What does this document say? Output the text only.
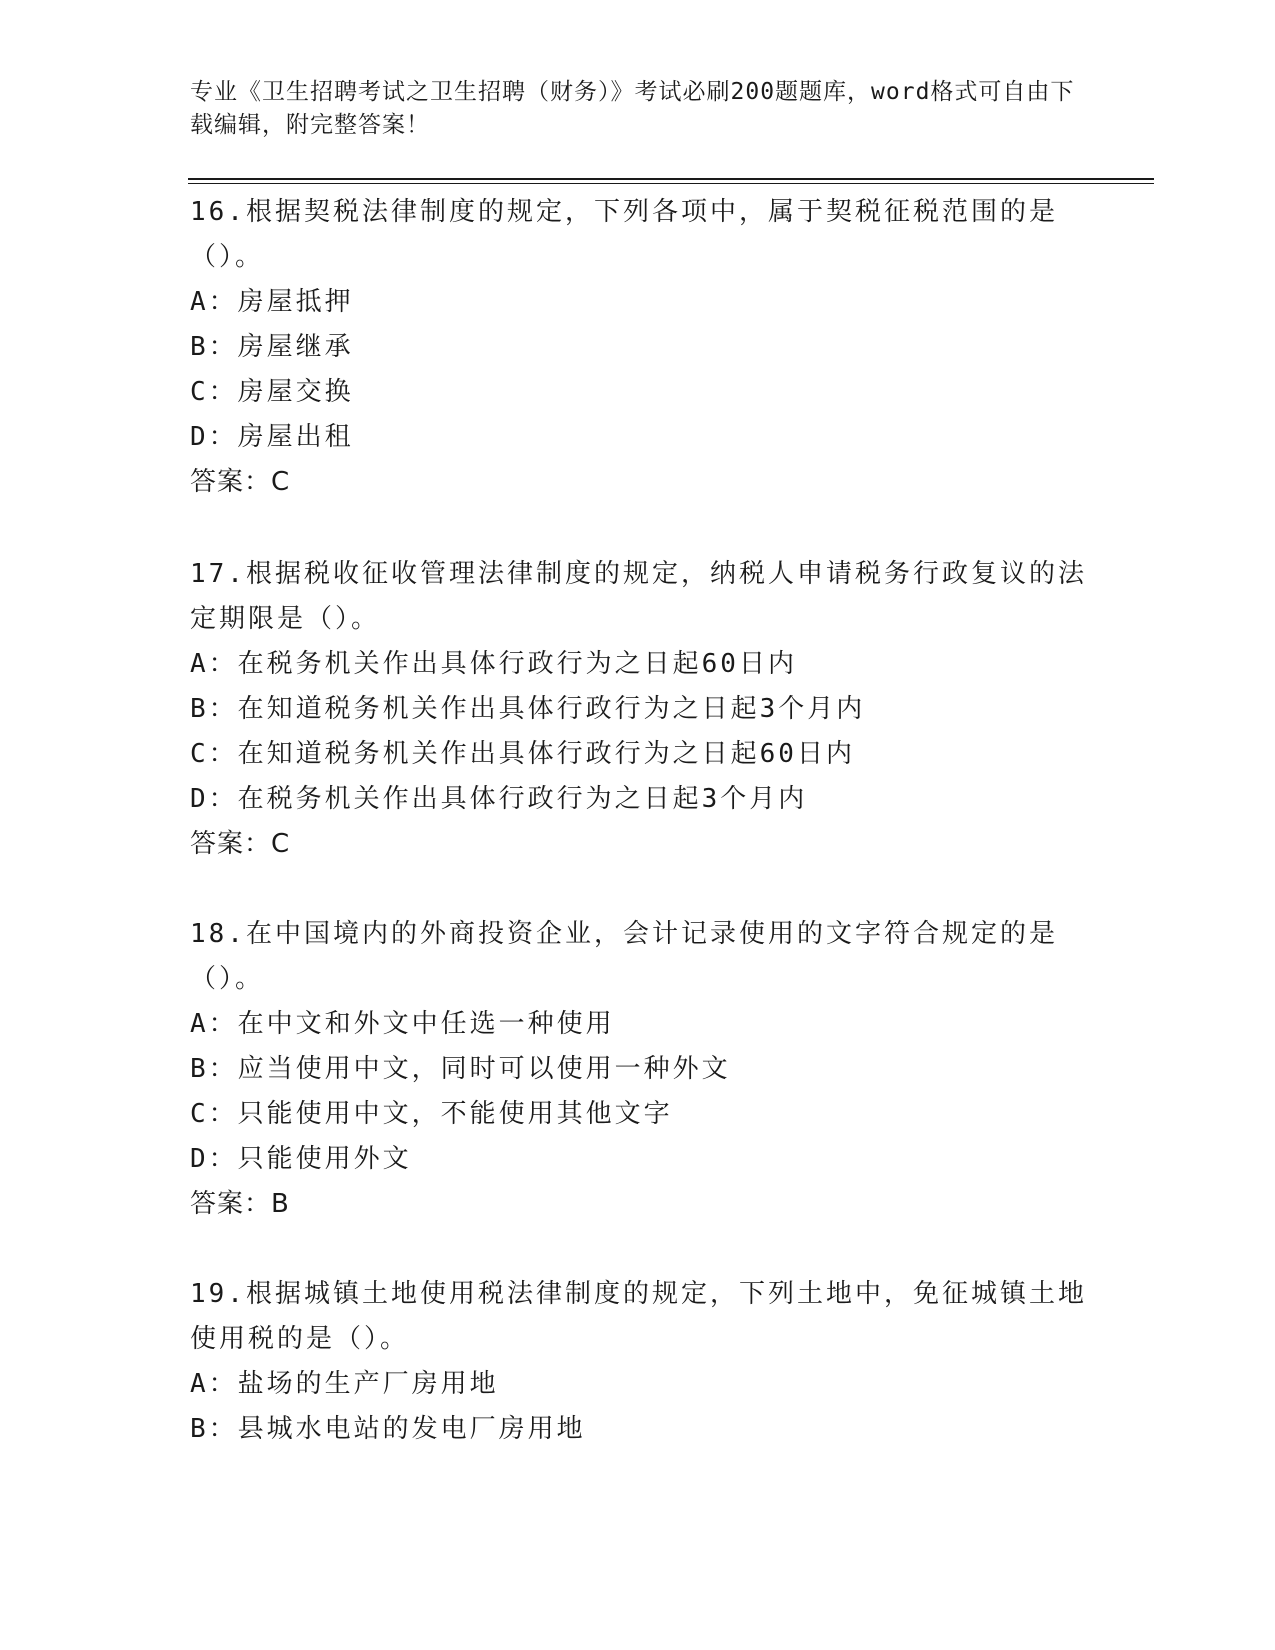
专业《卫生招聘考试之卫生招聘（财务）》考试必刷200题题库，word格式可自由下载编辑，附完整答案！
16.根据契税法律制度的规定，下列各项中，属于契税征税范围的是（）。
A：房屋抵押
B：房屋继承
C：房屋交换
D：房屋出租
答案：C
17.根据税收征收管理法律制度的规定，纳税人申请税务行政复议的法定期限是（）。
A：在税务机关作出具体行政行为之日起60日内
B：在知道税务机关作出具体行政行为之日起3个月内
C：在知道税务机关作出具体行政行为之日起60日内
D：在税务机关作出具体行政行为之日起3个月内
答案：C
18.在中国境内的外商投资企业，会计记录使用的文字符合规定的是（）。
A：在中文和外文中任选一种使用
B：应当使用中文，同时可以使用一种外文
C：只能使用中文，不能使用其他文字
D：只能使用外文
答案：B
19.根据城镇土地使用税法律制度的规定，下列土地中，免征城镇土地使用税的是（）。
A：盐场的生产厂房用地
B：县城水电站的发电厂房用地
